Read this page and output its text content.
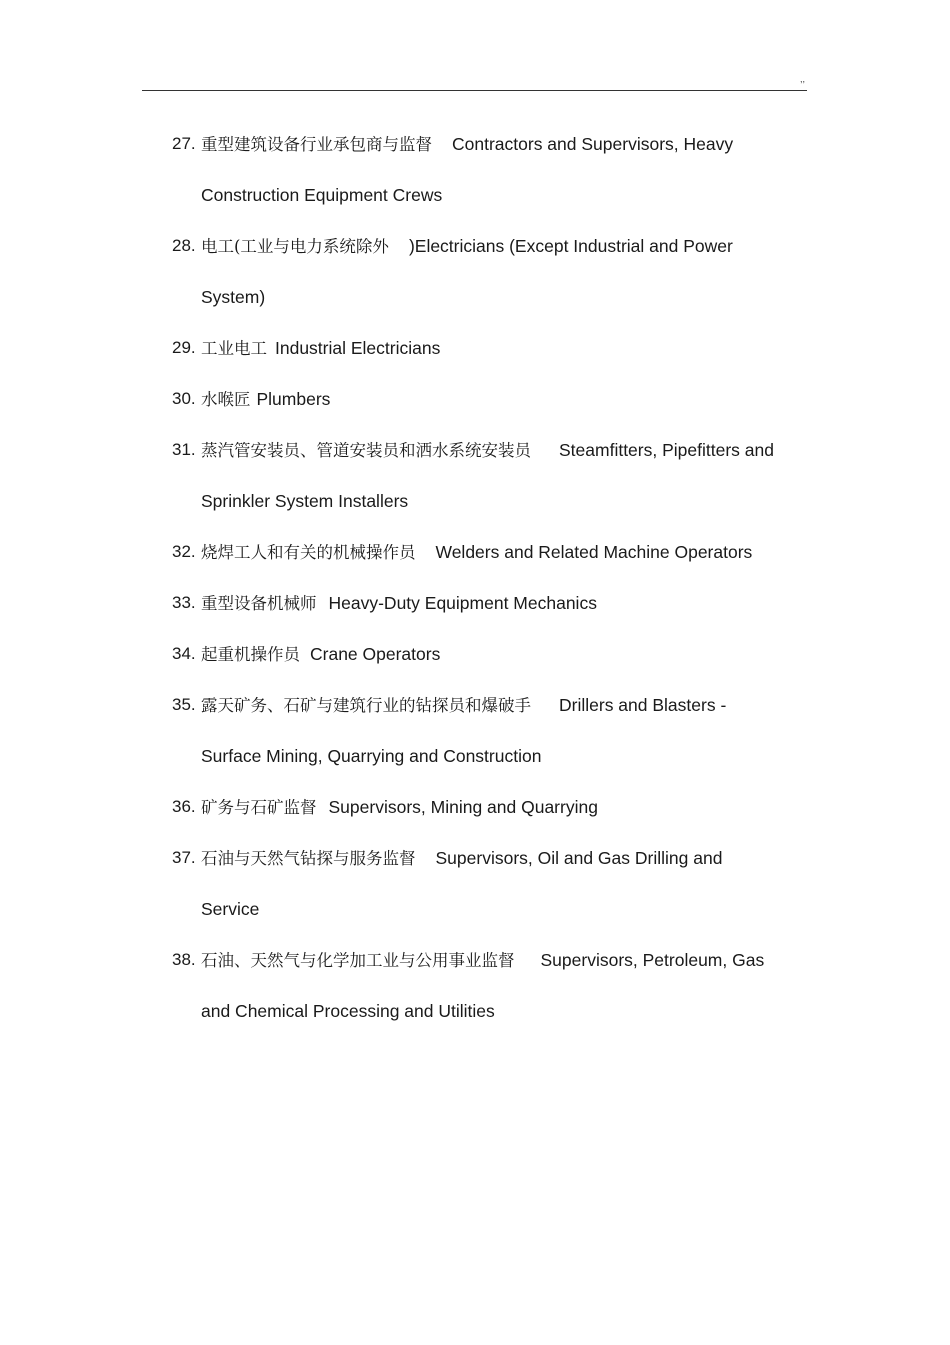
,,
27. 重型建筑设备行业承包商与监督 Contractors and Supervisors, Heavy Construction Equipment Crews
28. 电工(工业与电力系统除外 )Electricians (Except Industrial and Power System)
29. 工业电工 Industrial Electricians
30. 水喉匠 Plumbers
31. 蒸汽管安装员、管道安装员和洒水系统安装员 Steamfitters, Pipefitters and Sprinkler System Installers
32. 烧焊工人和有关的机械操作员 Welders and Related Machine Operators
33. 重型设备机械师 Heavy-Duty Equipment Mechanics
34. 起重机操作员 Crane Operators
35. 露天矿务、石矿与建筑行业的钻探员和爆破手 Drillers and Blasters - Surface Mining, Quarrying and Construction
36. 矿务与石矿监督 Supervisors, Mining and Quarrying
37. 石油与天然气钻探与服务监督 Supervisors, Oil and Gas Drilling and Service
38. 石油、天然气与化学加工业与公用事业监督 Supervisors, Petroleum, Gas and Chemical Processing and Utilities
